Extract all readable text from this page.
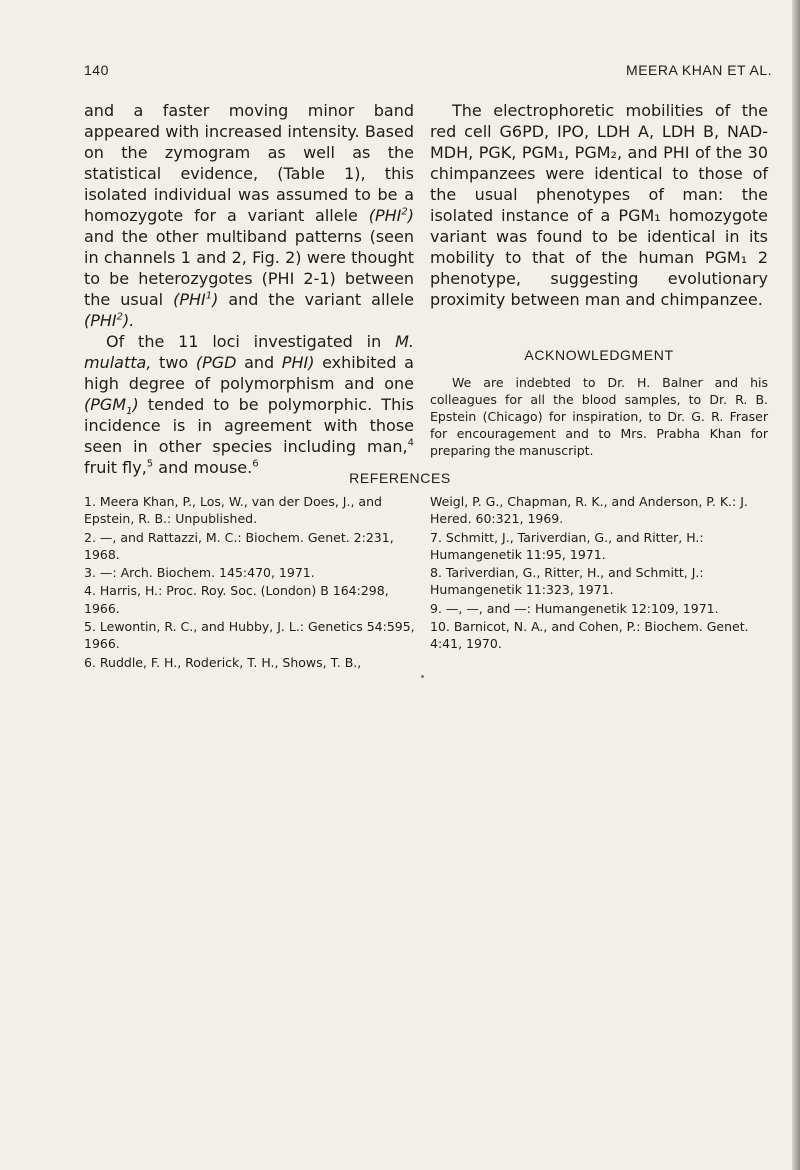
140	MEERA KHAN ET AL.

and a faster moving minor band appeared with increased intensity. Based on the zymogram as well as the statistical evidence, (Table 1), this isolated individual was assumed to be a homozygote for a variant allele (PHI$^2$) and the other multiband patterns (seen in channels 1 and 2, Fig. 2) were thought to be heterozygotes (PHI 2-1) between the usual (PHI$^1$) and the variant allele (PHI$^2$).

Of the 11 loci investigated in M. mulatta, two (PGD and PHI) exhibited a high degree of polymorphism and one $(PGM_1)$ tended to be polymorphic. This incidence is in agreement with those seen in other species including man,$^4$ fruit fly,$^5$ and mouse.$^6$

The electrophoretic mobilities of the red cell G6PD, IPO, LDH A, LDH B, NAD-MDH, PGK, PGM₁, PGM₂, and PHI of the 30 chimpanzees were identical to those of the usual phenotypes of man: the isolated instance of a PGM₁ homozygote variant was found to be identical in its mobility to that of the human PGM₁ 2 phenotype, suggesting evolutionary proximity between man and chimpanzee.

ACKNOWLEDGMENT

We are indebted to Dr. H. Balner and his colleagues for all the blood samples, to Dr. R. B. Epstein (Chicago) for inspiration, to Dr. G. R. Fraser for encouragement and to Mrs. Prabha Khan for preparing the manuscript.

REFERENCES

1. Meera Khan, P., Los, W., van der Does, J., and Epstein, R. B.: Unpublished.

2. —, and Rattazzi, M. C.: Biochem. Genet. 2:231, 1968.

3. —: Arch. Biochem. 145:470, 1971.

4. Harris, H.: Proc. Roy. Soc. (London) B 164:298, 1966.

5. Lewontin, R. C., and Hubby, J. L.: Genetics 54:595, 1966.

6. Ruddle, F. H., Roderick, T. H., Shows, T. B.,

Weigl, P. G., Chapman, R. K., and Anderson, P. K.: J. Hered. 60:321, 1969.

7. Schmitt, J., Tariverdian, G., and Ritter, H.: Humangenetik 11:95, 1971.

8. Tariverdian, G., Ritter, H., and Schmitt, J.: Humangenetik 11:323, 1971.

9. —, —, and —: Humangenetik 12:109, 1971.

10. Barnicot, N. A., and Cohen, P.: Biochem. Genet. 4:41, 1970.
